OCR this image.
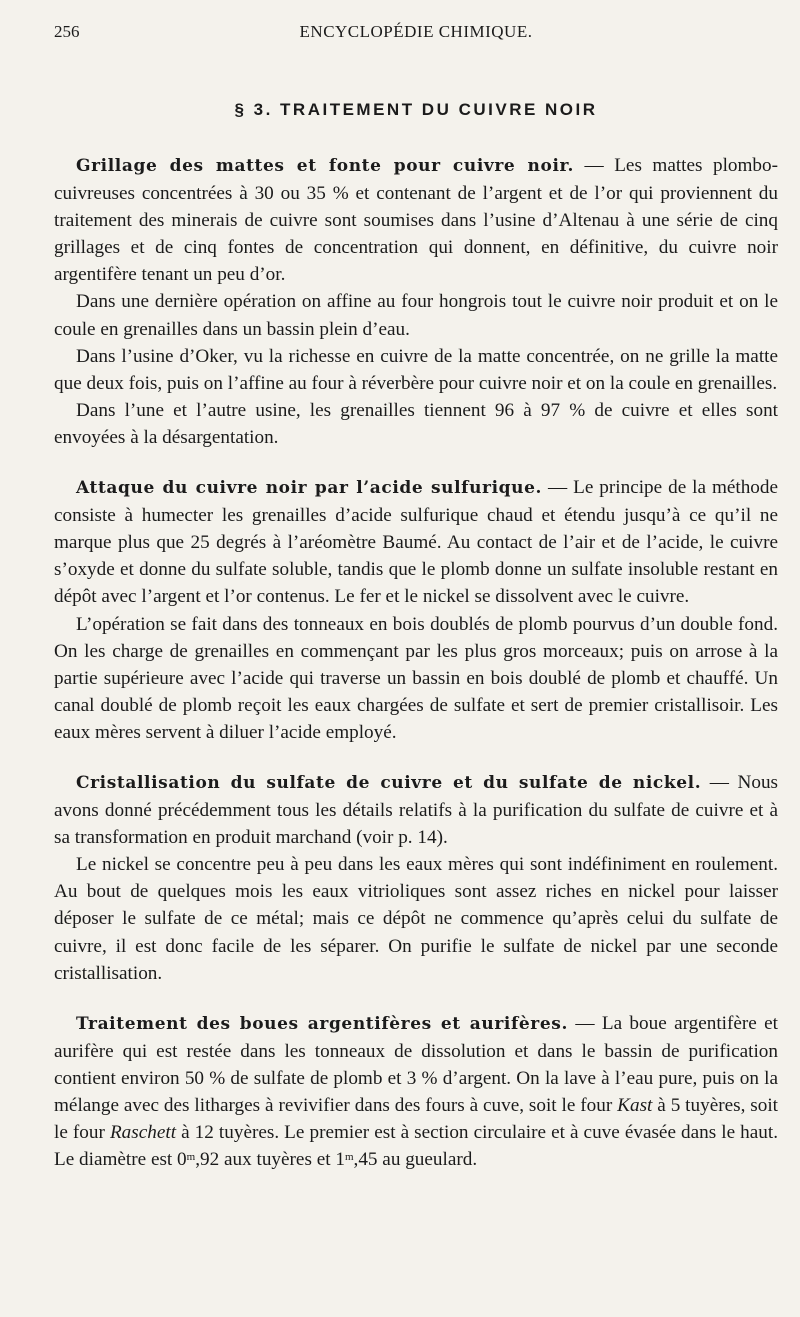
256	ENCYCLOPÉDIE CHIMIQUE.
§ 3. TRAITEMENT DU CUIVRE NOIR

Grillage des mattes et fonte pour cuivre noir. — Les mattes plombo-cuivreuses concentrées à 30 ou 35 % et contenant de l’argent et de l’or qui proviennent du traitement des minerais de cuivre sont soumises dans l’usine d’Altenau à une série de cinq grillages et de cinq fontes de concentration qui donnent, en définitive, du cuivre noir argentifère tenant un peu d’or.

Dans une dernière opération on affine au four hongrois tout le cuivre noir produit et on le coule en grenailles dans un bassin plein d’eau.

Dans l’usine d’Oker, vu la richesse en cuivre de la matte concentrée, on ne grille la matte que deux fois, puis on l’affine au four à réverbère pour cuivre noir et on la coule en grenailles.

Dans l’une et l’autre usine, les grenailles tiennent 96 à 97 % de cuivre et elles sont envoyées à la désargentation.

Attaque du cuivre noir par l’acide sulfurique. — Le principe de la méthode consiste à humecter les grenailles d’acide sulfurique chaud et étendu jusqu’à ce qu’il ne marque plus que 25 degrés à l’aréomètre Baumé. Au contact de l’air et de l’acide, le cuivre s’oxyde et donne du sulfate soluble, tandis que le plomb donne un sulfate insoluble restant en dépôt avec l’argent et l’or contenus. Le fer et le nickel se dissolvent avec le cuivre.

L’opération se fait dans des tonneaux en bois doublés de plomb pourvus d’un double fond. On les charge de grenailles en commençant par les plus gros morceaux; puis on arrose à la partie supérieure avec l’acide qui traverse un bassin en bois doublé de plomb et chauffé. Un canal doublé de plomb reçoit les eaux chargées de sulfate et sert de premier cristallisoir. Les eaux mères servent à diluer l’acide employé.

Cristallisation du sulfate de cuivre et du sulfate de nickel. — Nous avons donné précédemment tous les détails relatifs à la purification du sulfate de cuivre et à sa transformation en produit marchand (voir p. 14).

Le nickel se concentre peu à peu dans les eaux mères qui sont indéfiniment en roulement. Au bout de quelques mois les eaux vitrioliques sont assez riches en nickel pour laisser déposer le sulfate de ce métal; mais ce dépôt ne commence qu’après celui du sulfate de cuivre, il est donc facile de les séparer. On purifie le sulfate de nickel par une seconde cristallisation.

Traitement des boues argentifères et aurifères. — La boue argentifère et aurifère qui est restée dans les tonneaux de dissolution et dans le bassin de purification contient environ 50 % de sulfate de plomb et 3 % d’argent. On la lave à l’eau pure, puis on la mélange avec des litharges à revivifier dans des fours à cuve, soit le four Kast à 5 tuyères, soit le four Raschett à 12 tuyères. Le premier est à section circulaire et à cuve évasée dans le haut. Le diamètre est 0$^m$,92 aux tuyères et 1$^m$,45 au gueulard.
